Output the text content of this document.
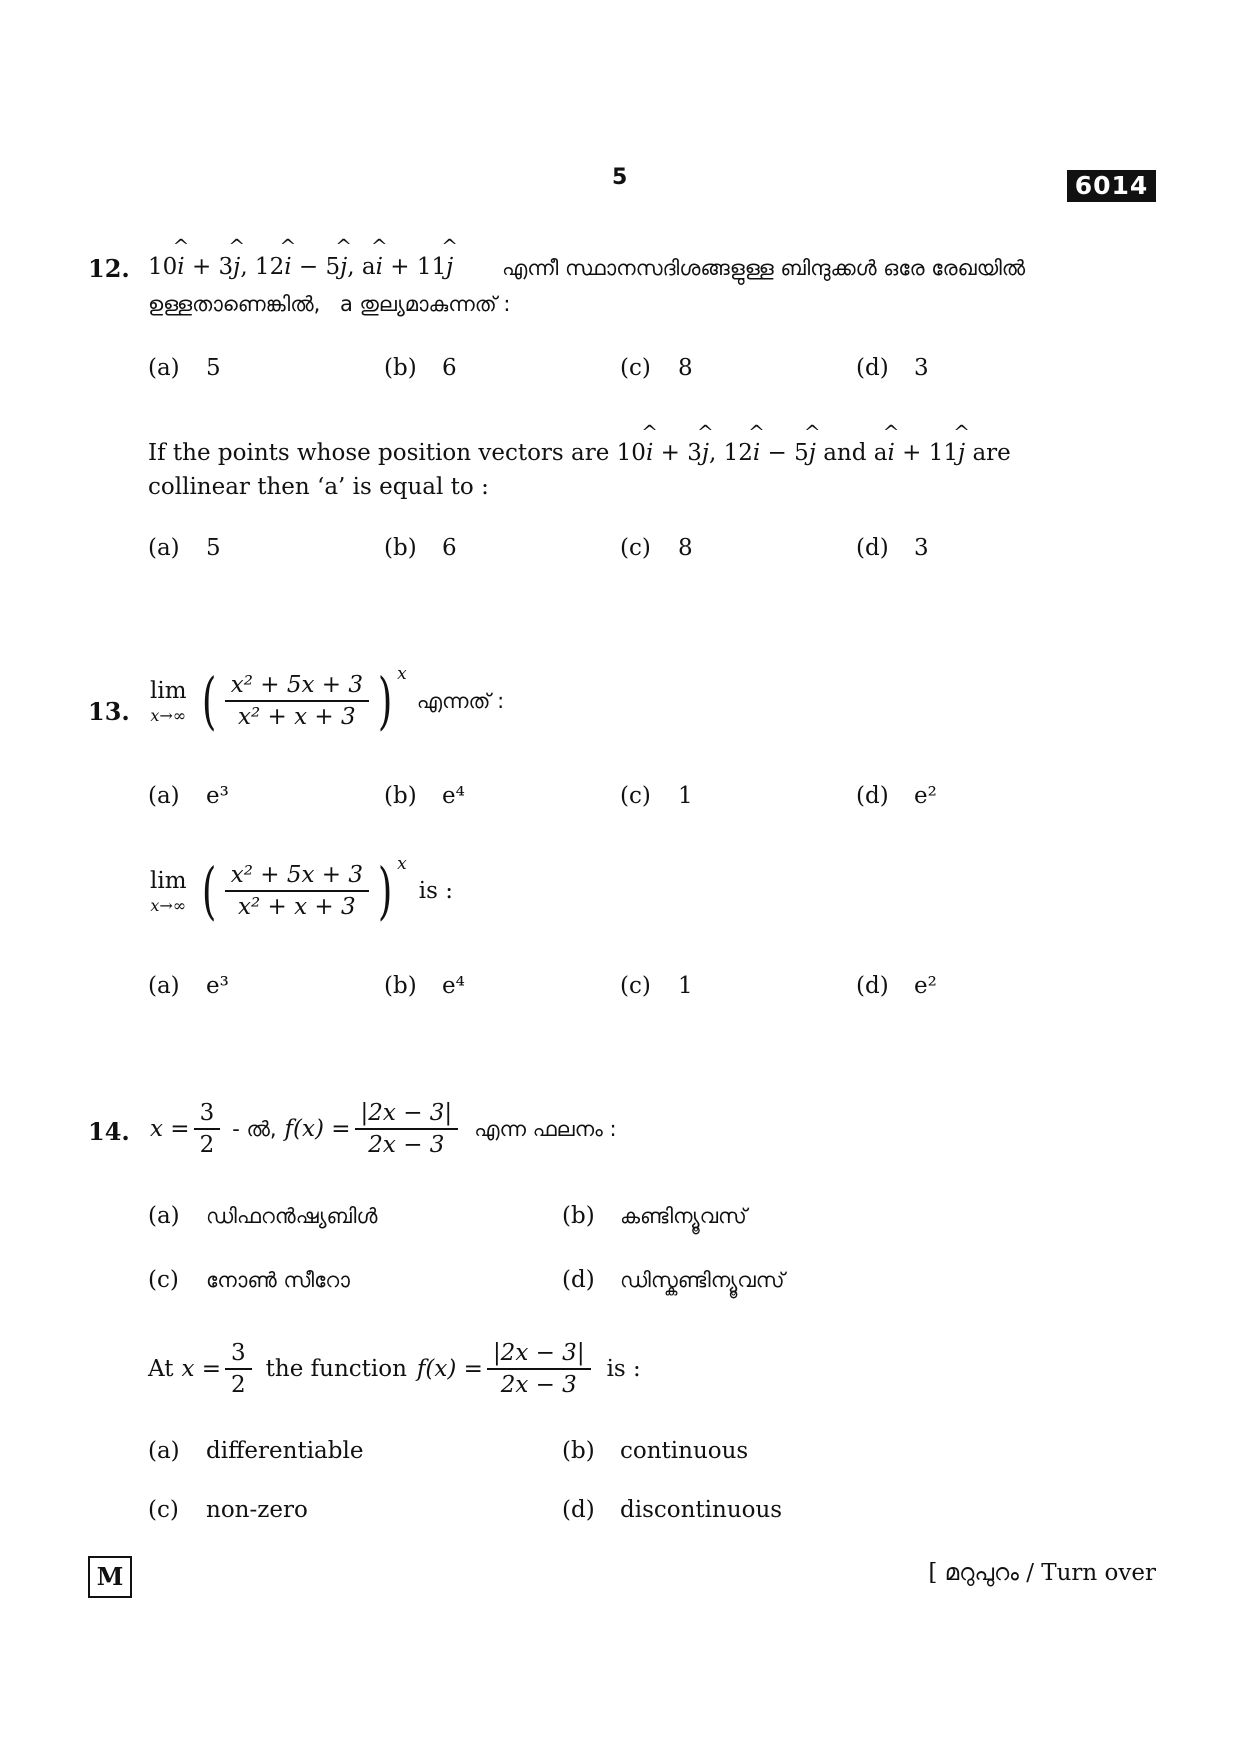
5	6014
12. 10i
^
+ 3j
^
, 12i
^
− 5j
^
, ai
^
+ 11j
^
എന്നീ സ്ഥാനസദിശങ്ങളുള്ള ബിന്ദുക്കൾ ഒരേ രേഖയിൽ
ഉള്ളതാണെങ്കിൽ, a തുല്യമാകുന്നത് :
(a) 5	(b) 6	(c) 8	(d) 3
If the points whose position vectors are 10i
^
+ 3j
^
, 12i
^
− 5j
^
and ai
^
+ 11j
^
are
collinear then ‘a’ is equal to :
(a) 5	(b) 6	(c) 8	(d) 3
13.
lim
x→∞ ( $\frac{\text{x² + 5x + 3}}{\text{x² + x + 3}}$ ) x
എന്നത് :
(a) e³	(b) e⁴	(c) 1	(d) e²
lim
x→∞ ( $\frac{\text{x² + 5x + 3}}{\text{x² + x + 3}}$ ) x
is :
(a) e³	(b) e⁴	(c) 1	(d) e²
14. $x = \frac{3}{2}$ - ൽ, $f(x) = \frac{|2x - 3|}{2x - 3}$ എന്ന ഫലനം :
(a) ഡിഫറൻഷ്യബിൾ	(b) കണ്ടിന്യൂവസ്
(c) നോൺ സീറോ	(d) ഡിസ്കണ്ടിന്യൂവസ്
At $x = \frac{3}{2}$ the function $f(x) = \frac{|2x - 3|}{2x - 3}$ is :
(a) differentiable	(b) continuous
(c) non-zero	(d) discontinuous
M	[ മറുപുറം / Turn over
